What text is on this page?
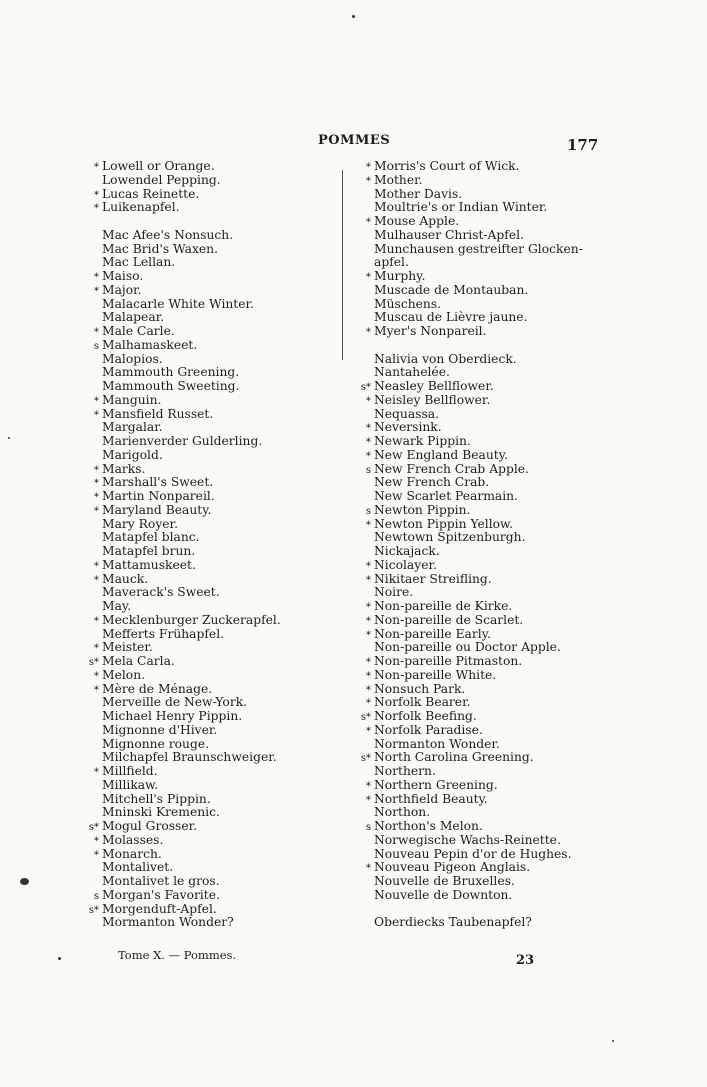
POMMES	177
* Lowell or Orange.
Lowendel Pepping.
* Lucas Reinette.
* Luikenapfel.
Mac Afee's Nonsuch.
Mac Brid's Waxen.
Mac Lellan.
* Maiso.
* Major.
Malacarle White Winter.
Malapear.
* Male Carle.
s Malhamaskeet.
Malopios.
Mammouth Greening.
Mammouth Sweeting.
* Manguin.
* Mansfield Russet.
Margalar.
Marienverder Gulderling.
Marigold.
* Marks.
* Marshall's Sweet.
* Martin Nonpareil.
* Maryland Beauty.
Mary Royer.
Matapfel blanc.
Matapfel brun.
* Mattamuskeet.
* Mauck.
Maverack's Sweet.
May.
* Mecklenburger Zuckerapfel.
Mefferts Frühapfel.
* Meister.
s* Mela Carla.
* Melon.
* Mère de Ménage.
Merveille de New-York.
Michael Henry Pippin.
Mignonne d'Hiver.
Mignonne rouge.
Milchapfel Braunschweiger.
* Millfield.
Millikaw.
Mitchell's Pippin.
Mninski Kremenic.
s* Mogul Grosser.
* Molasses.
* Monarch.
Montalivet.
Montalivet le gros.
s Morgan's Favorite.
s* Morgenduft-Apfel.
Mormanton Wonder?
* Morris's Court of Wick.
* Mother.
Mother Davis.
Moultrie's or Indian Winter.
* Mouse Apple.
Mulhauser Christ-Apfel.
Munchausen gestreifter Glocken-
apfel.
* Murphy.
Muscade de Montauban.
Müschens.
Muscau de Lièvre jaune.
* Myer's Nonpareil.
Nalivia von Oberdieck.
Nantahelée.
s* Neasley Bellflower.
* Neisley Bellflower.
Nequassa.
* Neversink.
* Newark Pippin.
* New England Beauty.
s New French Crab Apple.
New French Crab.
New Scarlet Pearmain.
s Newton Pippin.
* Newton Pippin Yellow.
Newtown Spitzenburgh.
Nickajack.
* Nicolayer.
* Nikitaer Streifling.
Noire.
* Non-pareille de Kirke.
* Non-pareille de Scarlet.
* Non-pareille Early.
Non-pareille ou Doctor Apple.
* Non-pareille Pitmaston.
* Non-pareille White.
* Nonsuch Park.
* Norfolk Bearer.
s* Norfolk Beefing.
* Norfolk Paradise.
Normanton Wonder.
s* North Carolina Greening.
Northern.
* Northern Greening.
* Northfield Beauty.
Northon.
s Northon's Melon.
Norwegische Wachs-Reinette.
Nouveau Pepin d'or de Hughes.
* Nouveau Pigeon Anglais.
Nouvelle de Bruxelles.
Nouvelle de Downton.
Oberdiecks Taubenapfel?
Tome X. — Pommes.	23
